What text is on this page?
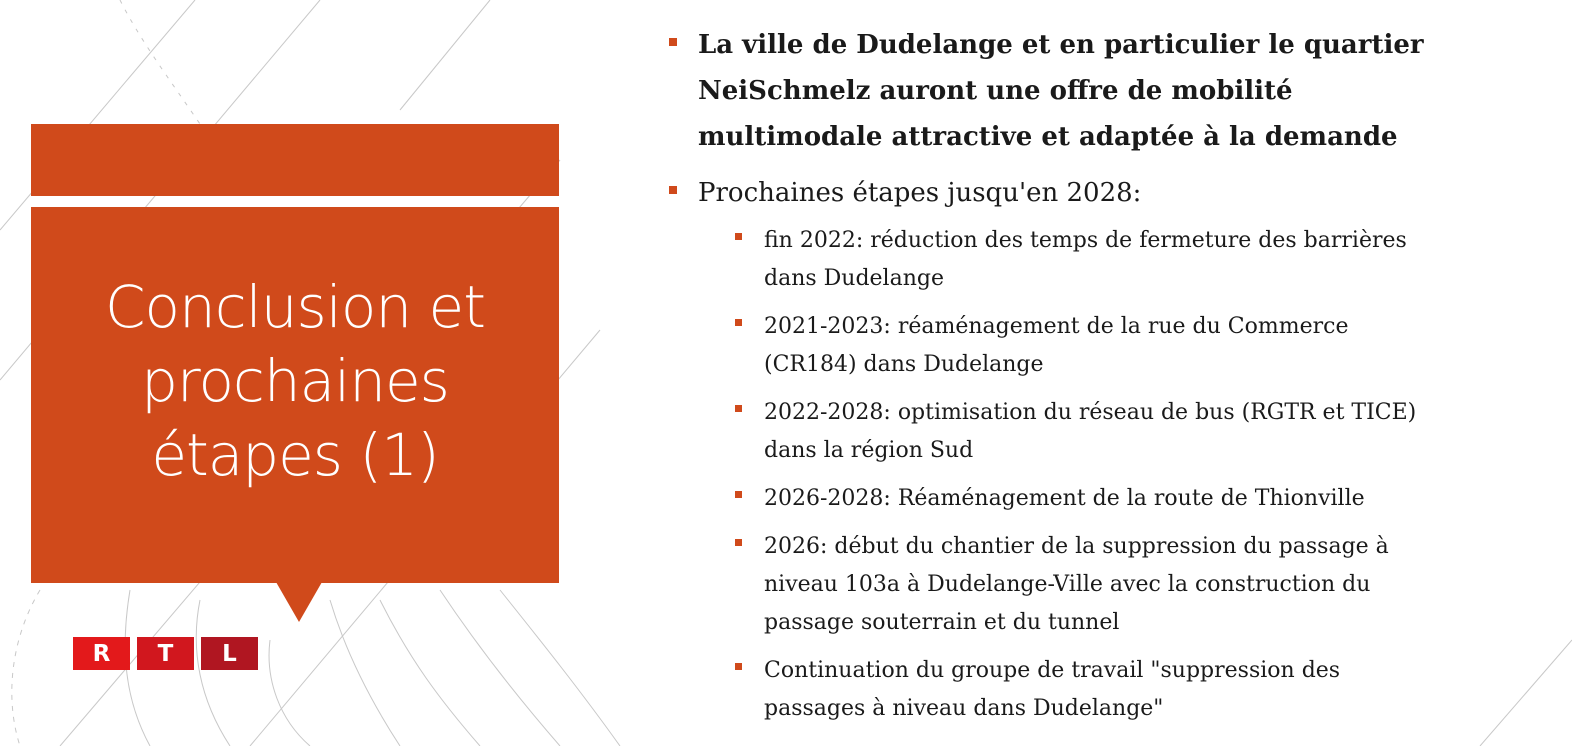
Conclusion et
prochaines
étapes (1)
R	T	L
La ville de Dudelange et en particulier le quartier
NeiSchmelz auront une offre de mobilité
multimodale attractive et adaptée à la demande
Prochaines étapes jusqu'en 2028:
fin 2022: réduction des temps de fermeture des barrières
dans Dudelange
2021-2023: réaménagement de la rue du Commerce
(CR184) dans Dudelange
2022-2028: optimisation du réseau de bus (RGTR et TICE)
dans la région Sud
2026-2028: Réaménagement de la route de Thionville
2026: début du chantier de la suppression du passage à
niveau 103a à Dudelange-Ville avec la construction du
passage souterrain et du tunnel
Continuation du groupe de travail "suppression des
passages à niveau dans Dudelange"
